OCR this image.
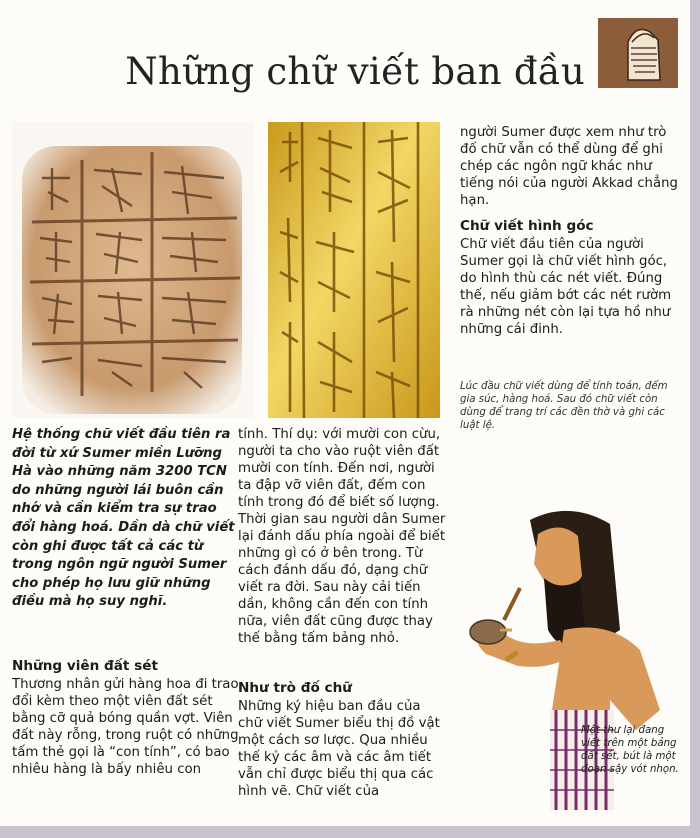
Những chữ viết ban đầu

Hệ thống chữ viết đầu tiên ra đời từ xứ Sumer miền Lưỡng Hà vào những năm 3200 TCN do những người lái buôn cần nhớ và cần kiểm tra sự trao đổi hàng hoá. Dần dà chữ viết còn ghi được tất cả các từ trong ngôn ngữ người Sumer cho phép họ lưu giữ những điều mà họ suy nghĩ.

Những viên đất sét

Thương nhân gửi hàng hoa đi trao đổi kèm theo một viên đất sét bằng cỡ quả bóng quần vợt. Viên đất này rỗng, trong ruột có những tấm thẻ gọi là “con tính”, có bao nhiêu hàng là bấy nhiêu con

tính. Thí dụ: với mười con cừu, người ta cho vào ruột viên đất mười con tính. Đến nơi, người ta đập vỡ viên đất, đếm con tính trong đó để biết số lượng. Thời gian sau người dân Sumer lại đánh dấu phía ngoài để biết những gì có ở bên trong. Từ cách đánh dấu đó, dạng chữ viết ra đời. Sau này cải tiến dần, không cần đến con tính nữa, viên đất cũng được thay thế bằng tấm bảng nhỏ.

Như trò đố chữ

Những ký hiệu ban đầu của chữ viết Sumer biểu thị đồ vật một cách sơ lược. Qua nhiều thế kỷ các âm và các âm tiết vẫn chỉ được biểu thị qua các hình vẽ. Chữ viết của

người Sumer được xem như trò đố chữ vẫn có thể dùng để ghi chép các ngôn ngữ khác như tiếng nói của người Akkad chẳng hạn.

Chữ viết hình góc

Chữ viết đầu tiên của người Sumer gọi là chữ viết hình góc, do hình thù các nét viết. Đúng thế, nếu giảm bớt các nét rườm rà những nét còn lại tựa hồ như những cái đinh.

Lúc đầu chữ viết dùng để tính toán, đếm gia súc, hàng hoá. Sau đó chữ viết còn dùng để trang trí các đền thờ và ghi các luật lệ.

Một thư lại đang viết trên một bảng đất sét, bút là một đoạn sậy vót nhọn.
